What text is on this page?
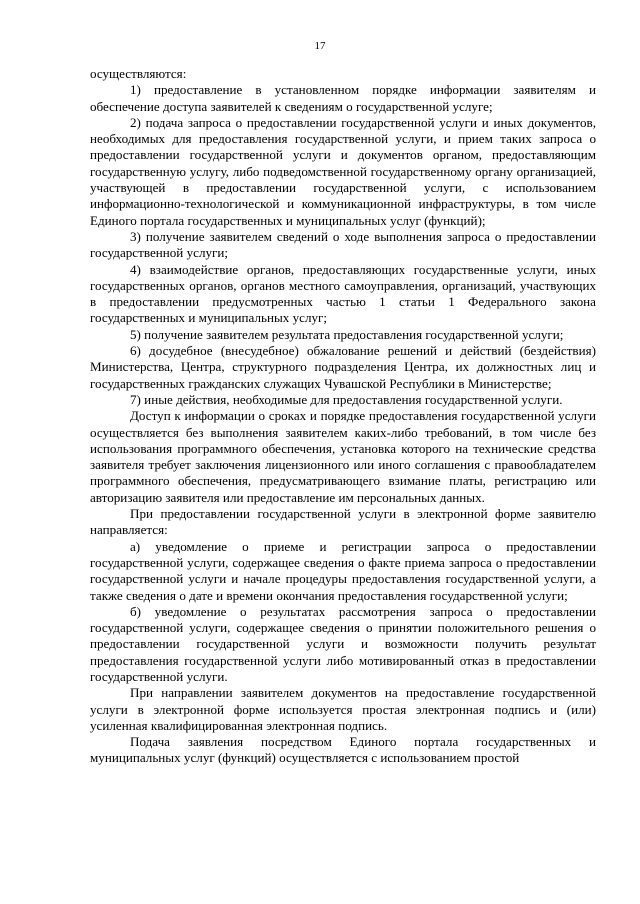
17

осуществляются:

1) предоставление в установленном порядке информации заявителям и обеспечение доступа заявителей к сведениям о государственной услуге;

2) подача запроса о предоставлении государственной услуги и иных документов, необходимых для предоставления государственной услуги, и прием таких запроса о предоставлении государственной услуги и документов органом, предоставляющим государственную услугу, либо подведомственной государственному органу организацией, участвующей в предоставлении государственной услуги, с использованием информационно-технологической и коммуникационной инфраструктуры, в том числе Единого портала государственных и муниципальных услуг (функций);

3) получение заявителем сведений о ходе выполнения запроса о предоставлении государственной услуги;

4) взаимодействие органов, предоставляющих государственные услуги, иных государственных органов, органов местного самоуправления, организаций, участвующих в предоставлении предусмотренных частью 1 статьи 1 Федерального закона государственных и муниципальных услуг;

5) получение заявителем результата предоставления государственной услуги;

6) досудебное (внесудебное) обжалование решений и действий (бездействия) Министерства, Центра, структурного подразделения Центра, их должностных лиц и государственных гражданских служащих Чувашской Республики в Министерстве;

7) иные действия, необходимые для предоставления государственной услуги.

Доступ к информации о сроках и порядке предоставления государственной услуги осуществляется без выполнения заявителем каких-либо требований, в том числе без использования программного обеспечения, установка которого на технические средства заявителя требует заключения лицензионного или иного соглашения с правообладателем программного обеспечения, предусматривающего взимание платы, регистрацию или авторизацию заявителя или предоставление им персональных данных.

При предоставлении государственной услуги в электронной форме заявителю направляется:

а) уведомление о приеме и регистрации запроса о предоставлении государственной услуги, содержащее сведения о факте приема запроса о предоставлении государственной услуги и начале процедуры предоставления государственной услуги, а также сведения о дате и времени окончания предоставления государственной услуги;

б) уведомление о результатах рассмотрения запроса о предоставлении государственной услуги, содержащее сведения о принятии положительного решения о предоставлении государственной услуги и возможности получить результат предоставления государственной услуги либо мотивированный отказ в предоставлении государственной услуги.

При направлении заявителем документов на предоставление государственной услуги в электронной форме используется простая электронная подпись и (или) усиленная квалифицированная электронная подпись.

Подача заявления посредством Единого портала государственных и муниципальных услуг (функций) осуществляется с использованием простой
